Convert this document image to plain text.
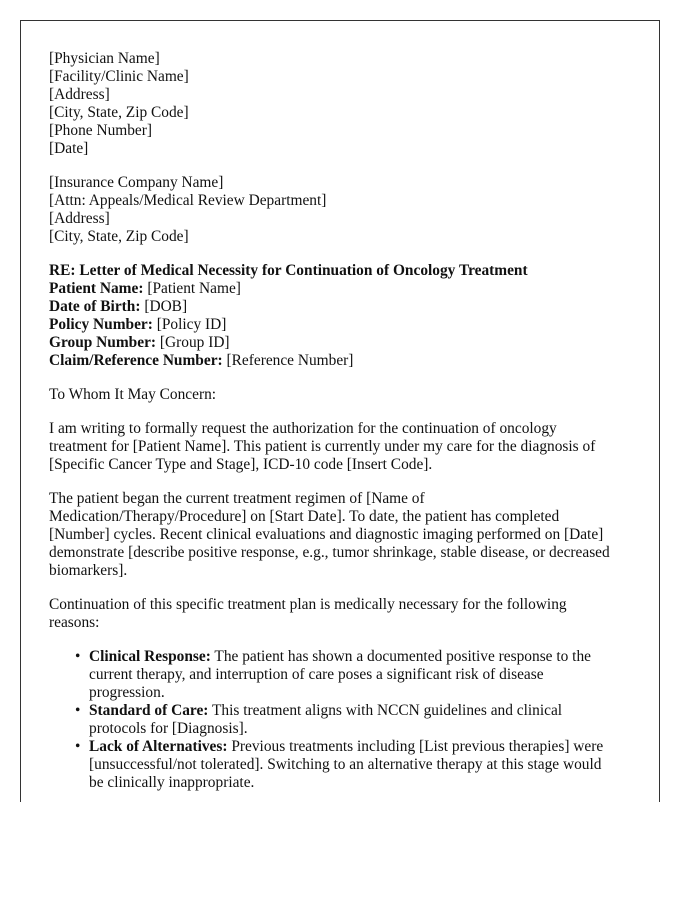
[Physician Name]
[Facility/Clinic Name]
[Address]
[City, State, Zip Code]
[Phone Number]
[Date]
[Insurance Company Name]
[Attn: Appeals/Medical Review Department]
[Address]
[City, State, Zip Code]
RE: Letter of Medical Necessity for Continuation of Oncology Treatment
Patient Name: [Patient Name]
Date of Birth: [DOB]
Policy Number: [Policy ID]
Group Number: [Group ID]
Claim/Reference Number: [Reference Number]

To Whom It May Concern:

I am writing to formally request the authorization for the continuation of oncology
treatment for [Patient Name]. This patient is currently under my care for the diagnosis of
[Specific Cancer Type and Stage], ICD-10 code [Insert Code].

The patient began the current treatment regimen of [Name of
Medication/Therapy/Procedure] on [Start Date]. To date, the patient has completed
[Number] cycles. Recent clinical evaluations and diagnostic imaging performed on [Date]
demonstrate [describe positive response, e.g., tumor shrinkage, stable disease, or decreased
biomarkers].

Continuation of this specific treatment plan is medically necessary for the following
reasons:

• Clinical Response: The patient has shown a documented positive response to the
current therapy, and interruption of care poses a significant risk of disease
progression.
• Standard of Care: This treatment aligns with NCCN guidelines and clinical
protocols for [Diagnosis].
• Lack of Alternatives: Previous treatments including [List previous therapies] were
[unsuccessful/not tolerated]. Switching to an alternative therapy at this stage would
be clinically inappropriate.
